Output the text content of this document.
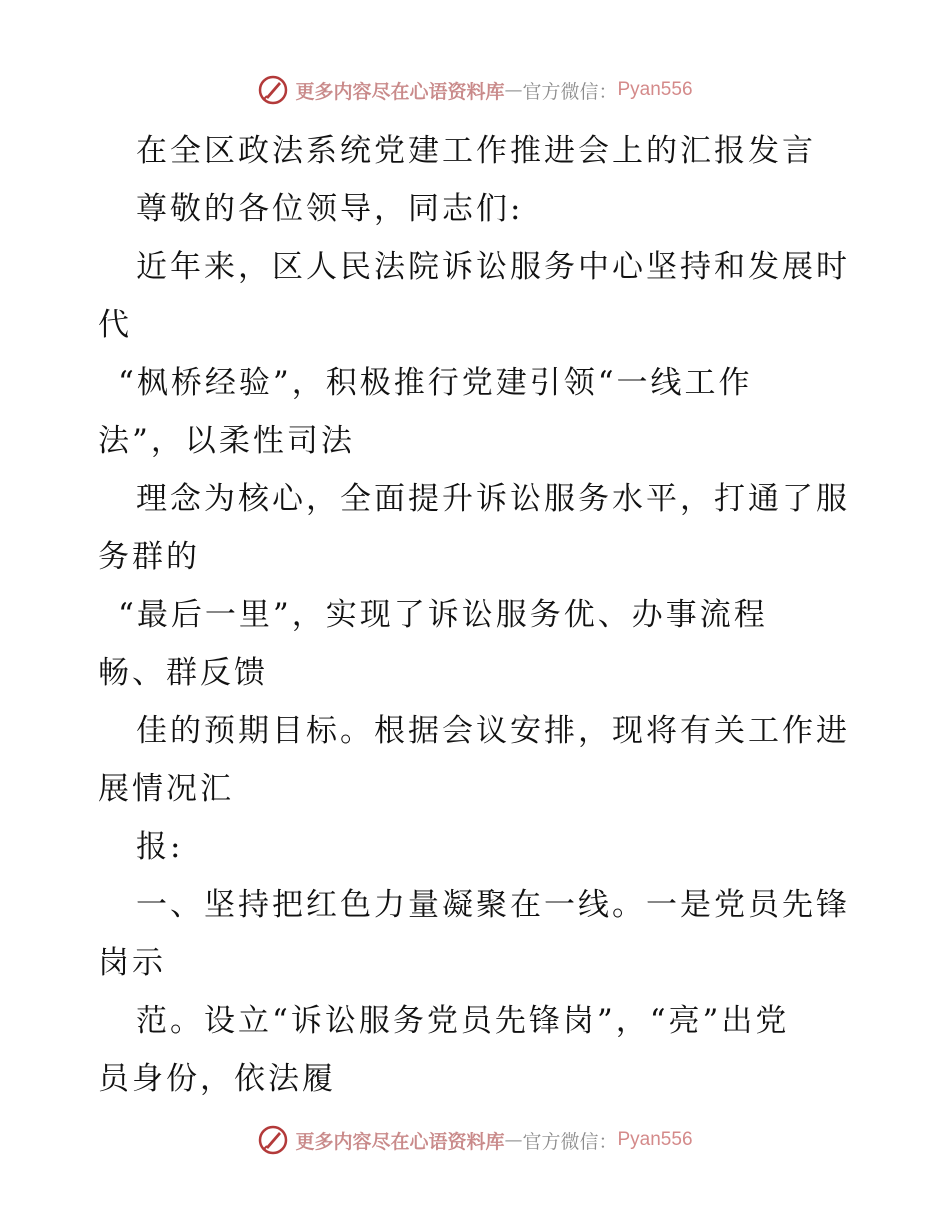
更多内容尽在心语资料库 — 官方微信： Pyan556
在全区政法系统党建工作推进会上的汇报发言
尊敬的各位领导，同志们:
近年来，区人民法院诉讼服务中心坚持和发展时
代
“枫桥经验”，积极推行党建引领“一线工作
法”，以柔性司法
理念为核心，全面提升诉讼服务水平，打通了服
务群的
“最后一里”，实现了诉讼服务优、办事流程
畅、群反馈
佳的预期目标。根据会议安排，现将有关工作进
展情况汇
报:
一、坚持把红色力量凝聚在一线。一是党员先锋
岗示
范。设立“诉讼服务党员先锋岗”，“亮”出党
员身份，依法履
更多内容尽在心语资料库 — 官方微信： Pyan556
